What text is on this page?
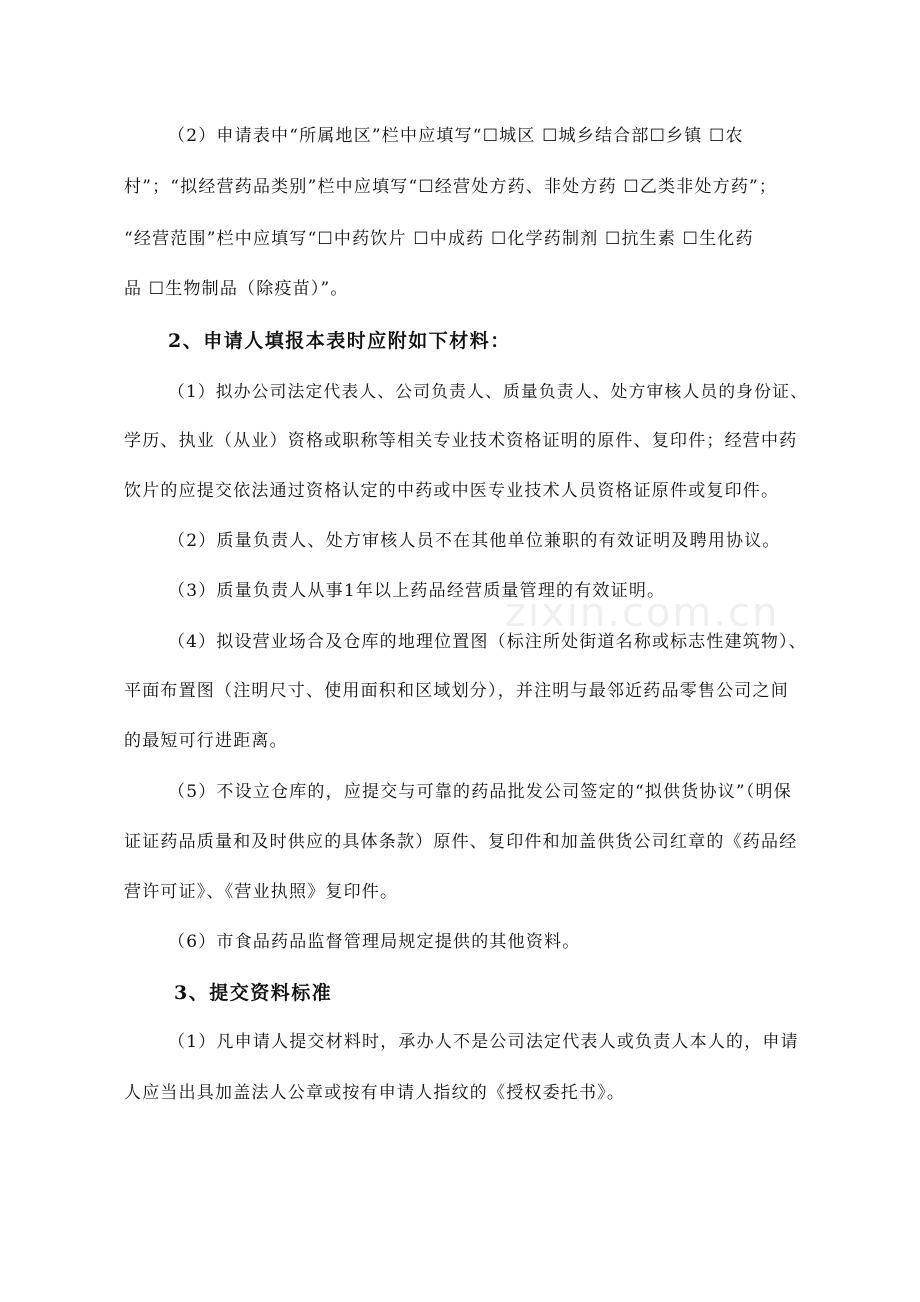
zixin.com.cn
（2）申请表中“所属地区”栏中应填写“☐城区 ☐城乡结合部☐乡镇 ☐农
村”；“拟经营药品类别”栏中应填写“☐经营处方药、非处方药 ☐乙类非处方药”；
“经营范围”栏中应填写“☐中药饮片 ☐中成药 ☐化学药制剂 ☐抗生素 ☐生化药
品 ☐生物制品（除疫苗）”。
2、申请人填报本表时应附如下材料：
（1）拟办公司法定代表人、公司负责人、质量负责人、处方审核人员的身份证、
学历、执业（从业）资格或职称等相关专业技术资格证明的原件、复印件；经营中药
饮片的应提交依法通过资格认定的中药或中医专业技术人员资格证原件或复印件。
（2）质量负责人、处方审核人员不在其他单位兼职的有效证明及聘用协议。
（3）质量负责人从事1年以上药品经营质量管理的有效证明。
（4）拟设营业场合及仓库的地理位置图（标注所处街道名称或标志性建筑物）、
平面布置图（注明尺寸、使用面积和区域划分），并注明与最邻近药品零售公司之间
的最短可行进距离。
（5）不设立仓库的，应提交与可靠的药品批发公司签定的“拟供货协议”（明保
证证药品质量和及时供应的具体条款）原件、复印件和加盖供货公司红章的《药品经
营许可证》、《营业执照》复印件。
（6）市食品药品监督管理局规定提供的其他资料。
3、提交资料标准
（1）凡申请人提交材料时，承办人不是公司法定代表人或负责人本人的，申请
人应当出具加盖法人公章或按有申请人指纹的《授权委托书》。
